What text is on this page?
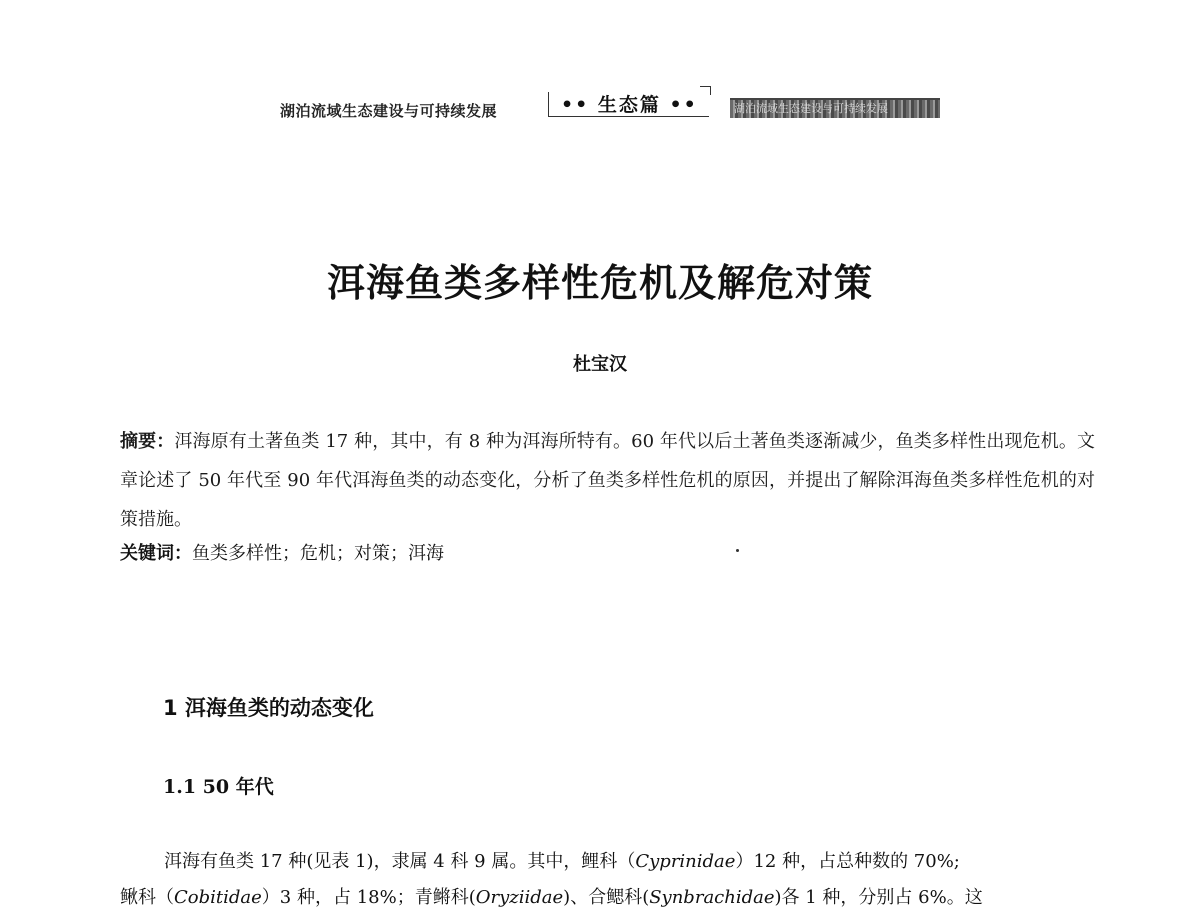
湖泊流域生态建设与可持续发展	•• 生态篇 ••	湖泊流域生态建设与可持续发展
洱海鱼类多样性危机及解危对策
杜宝汉
摘要：洱海原有土著鱼类 17 种，其中，有 8 种为洱海所特有。60 年代以后土著鱼类逐渐减少，鱼类多样性出现危机。文章论述了 50 年代至 90 年代洱海鱼类的动态变化，分析了鱼类多样性危机的原因，并提出了解除洱海鱼类多样性危机的对策措施。
关键词：鱼类多样性；危机；对策；洱海
1 洱海鱼类的动态变化
1.1 50 年代
洱海有鱼类 17 种(见表 1)，隶属 4 科 9 属。其中，鲤科（Cyprinidae）12 种，占总种数的 70%;
鳅科（Cobitidae）3 种，占 18%；青鳉科(Oryziidae)、合鳃科(Synbrachidae)各 1 种，分别占 6%。这
